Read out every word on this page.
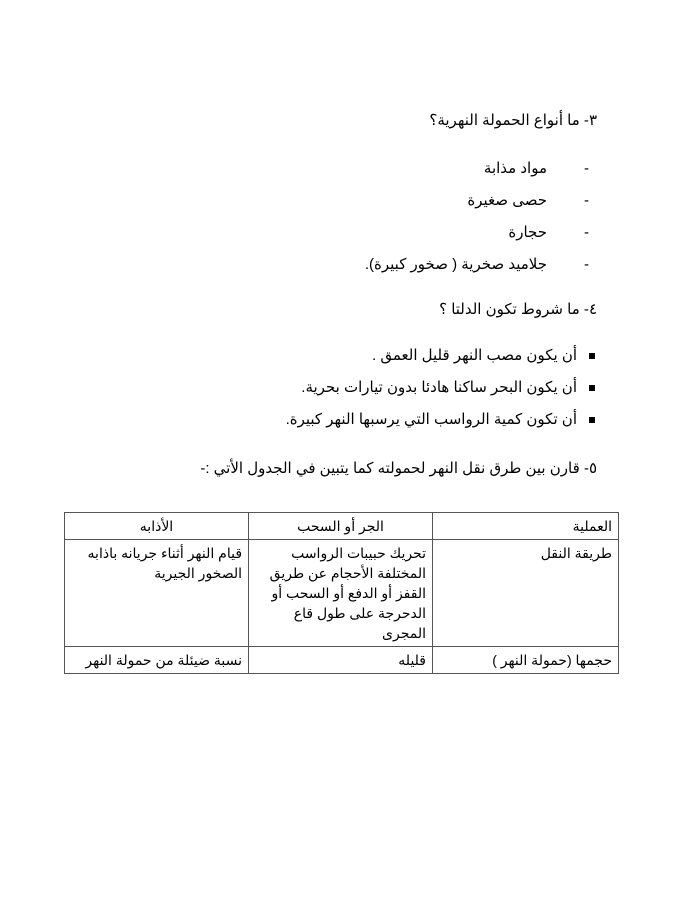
٣- ما أنواع الحمولة النهرية؟
-
مواد مذابة
-
حصى صغيرة
-
حجارة
-
جلاميد صخرية ( صخور كبيرة).
٤- ما شروط تكون الدلتا ؟
أن يكون مصب النهر قليل العمق .
أن يكون البحر ساكنا هادئا بدون تيارات بحرية.
أن تكون كمية الرواسب التي يرسبها النهر كبيرة.
٥- قارن بين طرق نقل النهر لحمولته كما يتبين في الجدول الأتي :-
العملية	الجر أو السحب	الأذابه
طريقة النقل	تحريك حبيبات الرواسب المختلفة الأحجام عن طريق القفز أو الدفع أو السحب أو الدحرجة على طول قاع المجرى	قيام النهر أثناء جريانه باذابه الصخور الجيرية
حجمها (حمولة النهر )	قليله	نسبة ضيئلة من حمولة النهر
